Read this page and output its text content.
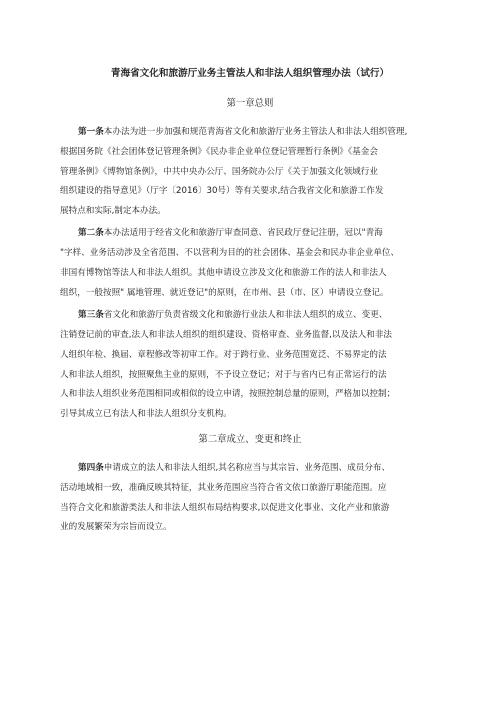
青海省文化和旅游厅业务主管法人和非法人组织管理办法（试行）
第一章总则
第一条本办法为进一步加强和规范青海省文化和旅游厅业务主管法人和非法人组织管理,
根据国务院《社会团体登记管理条例》《民办非企业单位登记管理暂行条例》《基金会
管理条例》《博物馆条例》，中共中央办公厅、国务院办公厅《关于加强文化领域行业
组织建设的指导意见》（厅字〔2016〕30号）等有关要求,结合我省文化和旅游工作发
展特点和实际,制定本办法。
第二条本办法适用于经省文化和旅游厅审查同意、省民政厅登记注册，冠以"青海
"字样、业务活动涉及全省范围、不以营利为目的的社会团体、基金会和民办非企业单位、
非国有博物馆等法人和非法人组织。其他申请设立涉及文化和旅游工作的法人和非法人
组织，一般按照" 属地管理、就近登记"的原则，在市州、县（市、区）申请设立登记。
第三条省文化和旅游厅负责省级文化和旅游行业法人和非法人组织的成立、变更、
注销登记前的审查,法人和非法人组织的组织建设、资格审查、业务监督,以及法人和非法
人组织年检、换届、章程修改等初审工作。对于跨行业、业务范围宽泛、不易界定的法
人和非法人组织，按照聚焦主业的原则，不予设立登记；对于与省内已有正常运行的法
人和非法人组织业务范围相同或相似的设立申请，按照控制总量的原则，严格加以控制；
引导其成立已有法人和非法人组织分支机构。
第二章成立、变更和终止
第四条申请成立的法人和非法人组织,其名称应当与其宗旨、业务范围、成员分布、
活动地域相一致，准确反映其特征，其业务范围应当符合省文依口旅游厅职能范围。应
当符合文化和旅游类法人和非法人组织布局结构要求,以促进文化事业、文化产业和旅游
业的发展繁荣为宗旨而设立。
